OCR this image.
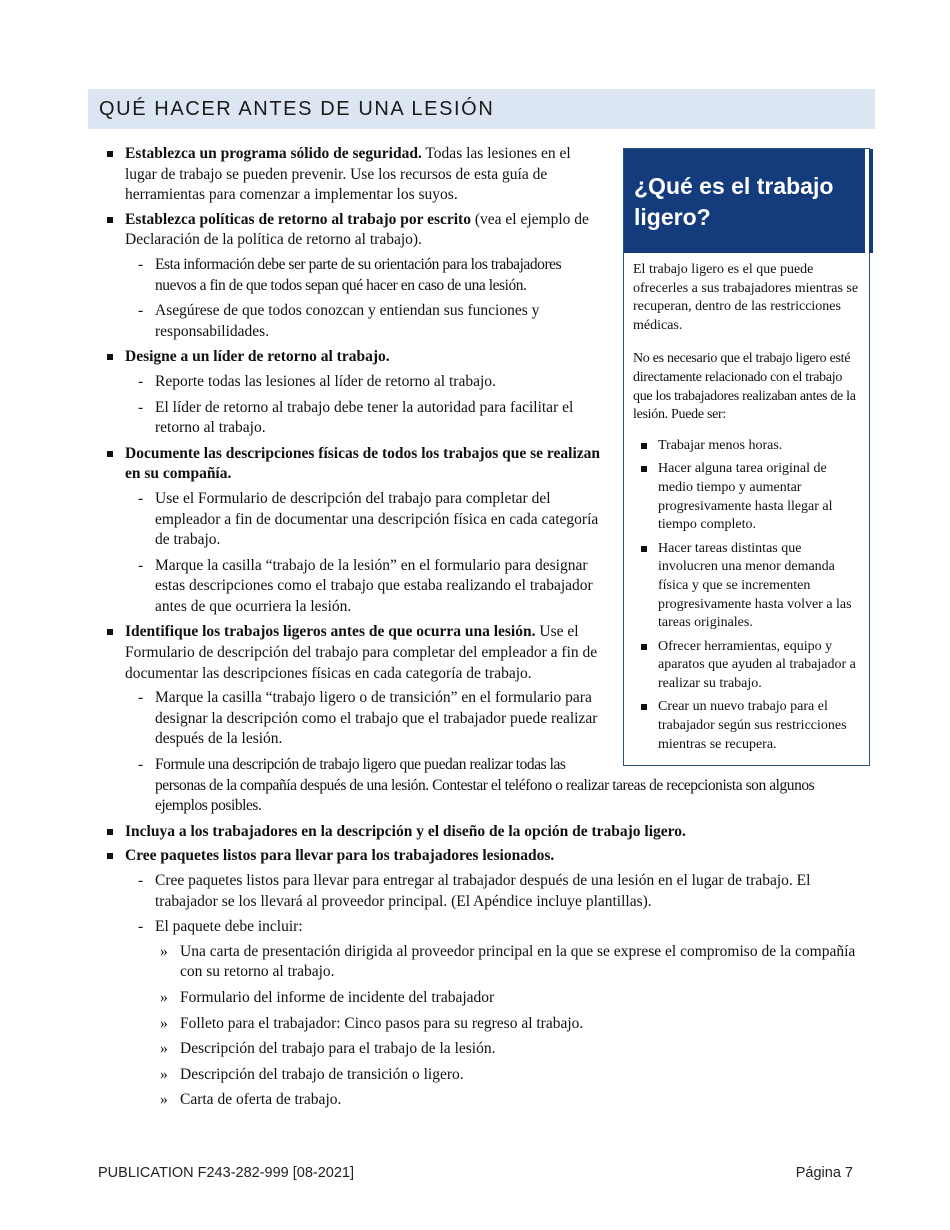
QUÉ HACER ANTES DE UNA LESIÓN
¿Qué es el trabajo ligero?

El trabajo ligero es el que puede ofrecerles a sus trabajadores mientras se recuperan, dentro de las restricciones médicas.

No es necesario que el trabajo ligero esté directamente relacionado con el trabajo que los trabajadores realizaban antes de la lesión. Puede ser:

Trabajar menos horas.
Hacer alguna tarea original de medio tiempo y aumentar progresivamente hasta llegar al tiempo completo.
Hacer tareas distintas que involucren una menor demanda física y que se incrementen progresivamente hasta volver a las tareas originales.
Ofrecer herramientas, equipo y aparatos que ayuden al trabajador a realizar su trabajo.
Crear un nuevo trabajo para el trabajador según sus restricciones mientras se recupera.
Establezca un programa sólido de seguridad. Todas las lesiones en el lugar de trabajo se pueden prevenir. Use los recursos de esta guía de herramientas para comenzar a implementar los suyos.
Establezca políticas de retorno al trabajo por escrito (vea el ejemplo de Declaración de la política de retorno al trabajo).
- Esta información debe ser parte de su orientación para los trabajadores nuevos a fin de que todos sepan qué hacer en caso de una lesión.
- Asegúrese de que todos conozcan y entiendan sus funciones y responsabilidades.
Designe a un líder de retorno al trabajo.
- Reporte todas las lesiones al líder de retorno al trabajo.
- El líder de retorno al trabajo debe tener la autoridad para facilitar el retorno al trabajo.
Documente las descripciones físicas de todos los trabajos que se realizan en su compañía.
- Use el Formulario de descripción del trabajo para completar del empleador a fin de documentar una descripción física en cada categoría de trabajo.
- Marque la casilla “trabajo de la lesión” en el formulario para designar estas descripciones como el trabajo que estaba realizando el trabajador antes de que ocurriera la lesión.
Identifique los trabajos ligeros antes de que ocurra una lesión. Use el Formulario de descripción del trabajo para completar del empleador a fin de documentar las descripciones físicas en cada categoría de trabajo.
- Marque la casilla “trabajo ligero o de transición” en el formulario para designar la descripción como el trabajo que el trabajador puede realizar después de la lesión.
- Formule una descripción de trabajo ligero que puedan realizar todas las personas de la compañía después de una lesión. Contestar el teléfono o realizar tareas de recepcionista son algunos ejemplos posibles.
Incluya a los trabajadores en la descripción y el diseño de la opción de trabajo ligero.
Cree paquetes listos para llevar para los trabajadores lesionados.
- Cree paquetes listos para llevar para entregar al trabajador después de una lesión en el lugar de trabajo. El trabajador se los llevará al proveedor principal. (El Apéndice incluye plantillas).
- El paquete debe incluir:
» Una carta de presentación dirigida al proveedor principal en la que se exprese el compromiso de la compañía con su retorno al trabajo.
» Formulario del informe de incidente del trabajador
» Folleto para el trabajador: Cinco pasos para su regreso al trabajo.
» Descripción del trabajo para el trabajo de la lesión.
» Descripción del trabajo de transición o ligero.
» Carta de oferta de trabajo.
PUBLICATION F243-282-999 [08-2021]	Página 7
